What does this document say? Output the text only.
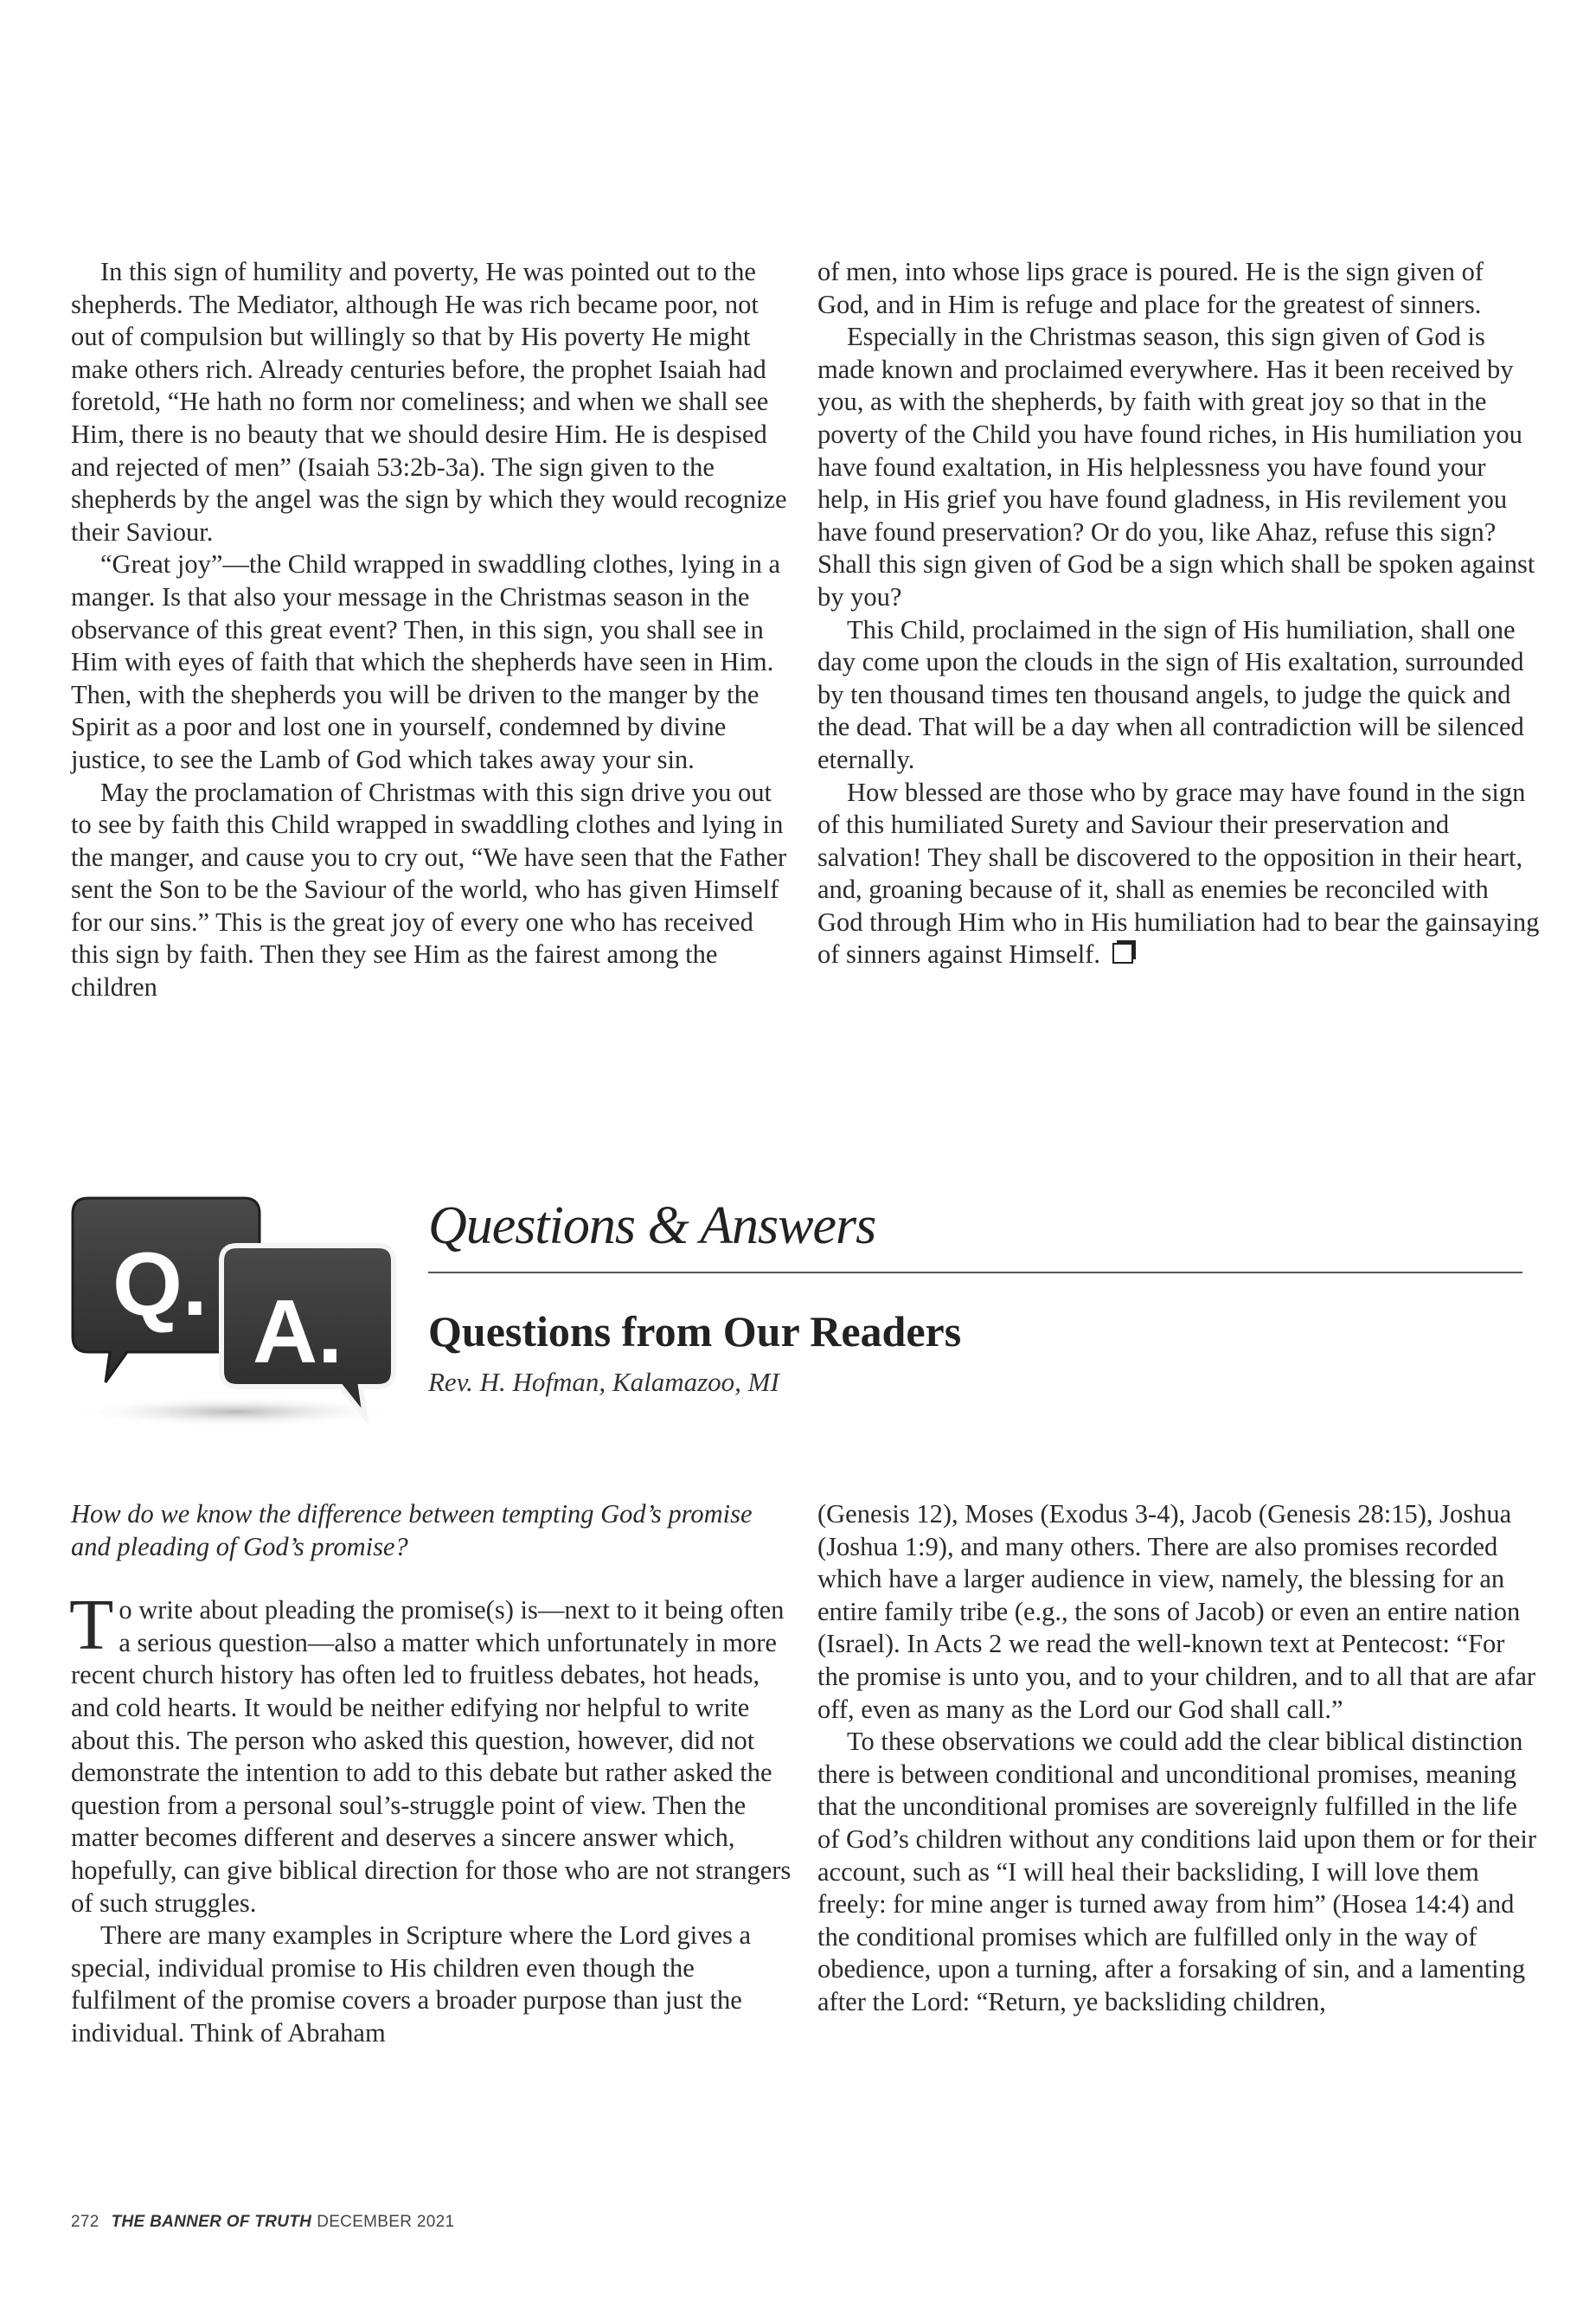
In this sign of humility and poverty, He was pointed out to the shepherds. The Mediator, although He was rich became poor, not out of compulsion but willingly so that by His poverty He might make others rich. Already centuries before, the prophet Isaiah had foretold, “He hath no form nor comeliness; and when we shall see Him, there is no beauty that we should desire Him. He is despised and rejected of men” (Isaiah 53:2b-3a). The sign given to the shepherds by the angel was the sign by which they would recognize their Saviour.

“Great joy”—the Child wrapped in swaddling clothes, lying in a manger. Is that also your message in the Christmas season in the observance of this great event? Then, in this sign, you shall see in Him with eyes of faith that which the shepherds have seen in Him. Then, with the shepherds you will be driven to the manger by the Spirit as a poor and lost one in yourself, condemned by divine justice, to see the Lamb of God which takes away your sin.

May the proclamation of Christmas with this sign drive you out to see by faith this Child wrapped in swaddling clothes and lying in the manger, and cause you to cry out, “We have seen that the Father sent the Son to be the Saviour of the world, who has given Himself for our sins.” This is the great joy of every one who has received this sign by faith. Then they see Him as the fairest among the children

of men, into whose lips grace is poured. He is the sign given of God, and in Him is refuge and place for the greatest of sinners.

Especially in the Christmas season, this sign given of God is made known and proclaimed everywhere. Has it been received by you, as with the shepherds, by faith with great joy so that in the poverty of the Child you have found riches, in His humiliation you have found exaltation, in His helplessness you have found your help, in His grief you have found gladness, in His revilement you have found preservation? Or do you, like Ahaz, refuse this sign? Shall this sign given of God be a sign which shall be spoken against by you?

This Child, proclaimed in the sign of His humiliation, shall one day come upon the clouds in the sign of His exaltation, surrounded by ten thousand times ten thousand angels, to judge the quick and the dead. That will be a day when all contradiction will be silenced eternally.

How blessed are those who by grace may have found in the sign of this humiliated Surety and Saviour their preservation and salvation! They shall be discovered to the opposition in their heart, and, groaning because of it, shall as enemies be reconciled with God through Him who in His humiliation had to bear the gainsaying of sinners against Himself.

Q. A.
Questions & Answers
Questions from Our Readers
Rev. H. Hofman, Kalamazoo, MI

How do we know the difference between tempting God’s promise and pleading of God’s promise?

To write about pleading the promise(s) is—next to it being often a serious question—also a matter which unfortunately in more recent church history has often led to fruitless debates, hot heads, and cold hearts. It would be neither edifying nor helpful to write about this. The person who asked this question, however, did not demonstrate the intention to add to this debate but rather asked the question from a personal soul’s-struggle point of view. Then the matter becomes different and deserves a sincere answer which, hopefully, can give biblical direction for those who are not strangers of such struggles.

There are many examples in Scripture where the Lord gives a special, individual promise to His children even though the fulfilment of the promise covers a broader purpose than just the individual. Think of Abraham

(Genesis 12), Moses (Exodus 3-4), Jacob (Genesis 28:15), Joshua (Joshua 1:9), and many others. There are also promises recorded which have a larger audience in view, namely, the blessing for an entire family tribe (e.g., the sons of Jacob) or even an entire nation (Israel). In Acts 2 we read the well-known text at Pentecost: “For the promise is unto you, and to your children, and to all that are afar off, even as many as the Lord our God shall call.”

To these observations we could add the clear biblical distinction there is between conditional and unconditional promises, meaning that the unconditional promises are sovereignly fulfilled in the life of God’s children without any conditions laid upon them or for their account, such as “I will heal their backsliding, I will love them freely: for mine anger is turned away from him” (Hosea 14:4) and the conditional promises which are fulfilled only in the way of obedience, upon a turning, after a forsaking of sin, and a lamenting after the Lord: “Return, ye backsliding children,

272 THE BANNER OF TRUTH DECEMBER 2021
